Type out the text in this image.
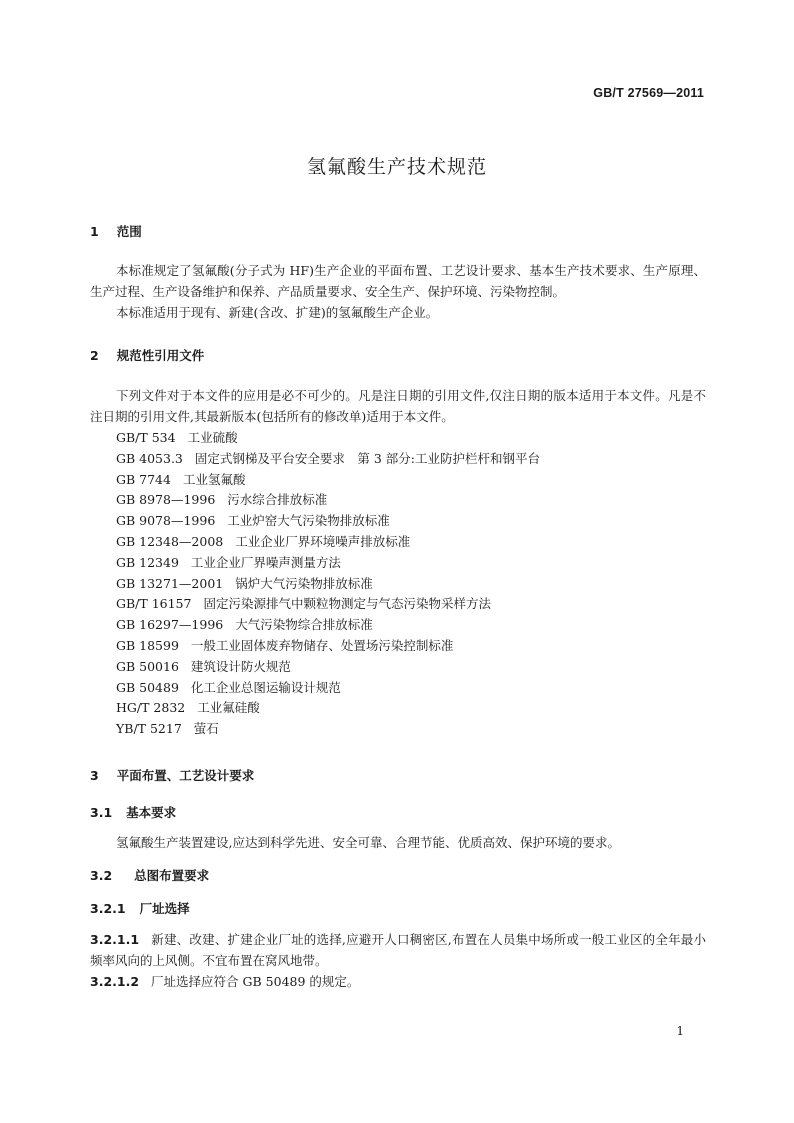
GB/T 27569—2011
氢氟酸生产技术规范
1 范围
本标准规定了氢氟酸(分子式为 HF)生产企业的平面布置、工艺设计要求、基本生产技术要求、生产原理、生产过程、生产设备维护和保养、产品质量要求、安全生产、保护环境、污染物控制。
本标准适用于现有、新建(含改、扩建)的氢氟酸生产企业。
2 规范性引用文件
下列文件对于本文件的应用是必不可少的。凡是注日期的引用文件,仅注日期的版本适用于本文件。凡是不注日期的引用文件,其最新版本(包括所有的修改单)适用于本文件。
GB/T 534 工业硫酸
GB 4053.3 固定式钢梯及平台安全要求　第 3 部分:工业防护栏杆和钢平台
GB 7744 工业氢氟酸
GB 8978—1996 污水综合排放标准
GB 9078—1996 工业炉窑大气污染物排放标准
GB 12348—2008 工业企业厂界环境噪声排放标准
GB 12349 工业企业厂界噪声测量方法
GB 13271—2001 锅炉大气污染物排放标准
GB/T 16157 固定污染源排气中颗粒物测定与气态污染物采样方法
GB 16297—1996 大气污染物综合排放标准
GB 18599 一般工业固体废弃物储存、处置场污染控制标准
GB 50016 建筑设计防火规范
GB 50489 化工企业总图运输设计规范
HG/T 2832 工业氟硅酸
YB/T 5217 萤石
3 平面布置、工艺设计要求
3.1 基本要求
氢氟酸生产装置建设,应达到科学先进、安全可靠、合理节能、优质高效、保护环境的要求。
3.2 总图布置要求
3.2.1 厂址选择
3.2.1.1 新建、改建、扩建企业厂址的选择,应避开人口稠密区,布置在人员集中场所或一般工业区的全年最小频率风向的上风侧。不宜布置在窝风地带。
3.2.1.2 厂址选择应符合 GB 50489 的规定。
1
